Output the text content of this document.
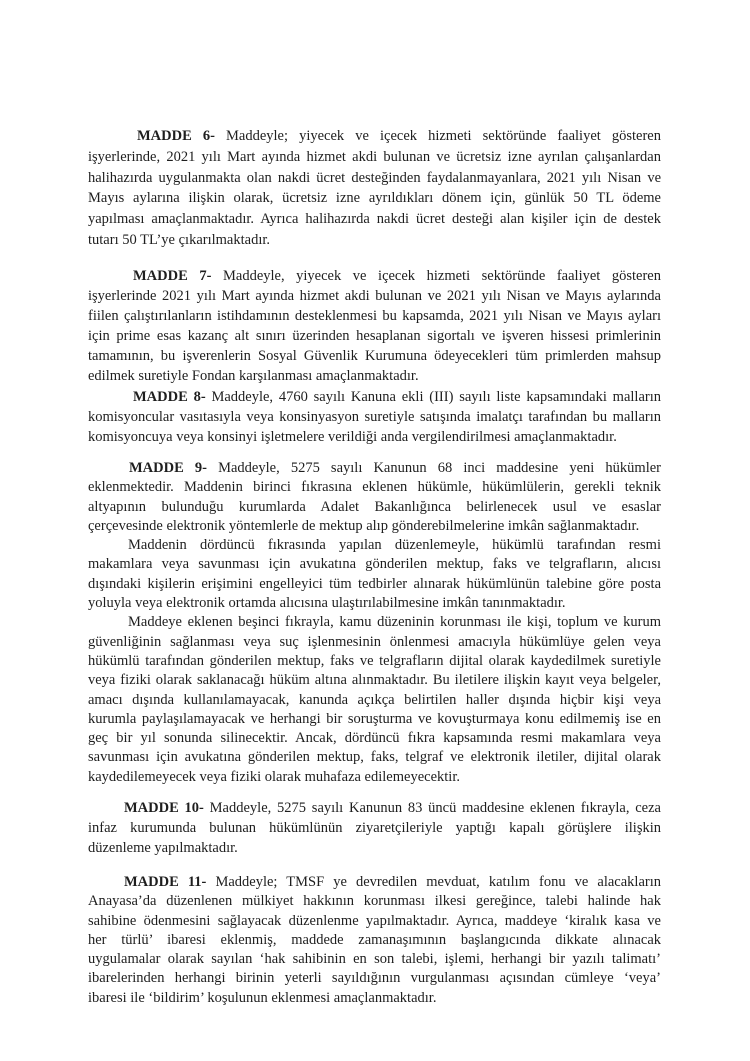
MADDE 6- Maddeyle; yiyecek ve içecek hizmeti sektöründe faaliyet gösteren
işyerlerinde, 2021 yılı Mart ayında hizmet akdi bulunan ve ücretsiz izne ayrılan çalışanlardan
halihazırda uygulanmakta olan nakdi ücret desteğinden faydalanmayanlara, 2021 yılı Nisan ve
Mayıs aylarına ilişkin olarak, ücretsiz izne ayrıldıkları dönem için, günlük 50 TL ödeme
yapılması amaçlanmaktadır. Ayrıca halihazırda nakdi ücret desteği alan kişiler için de destek
tutarı 50 TL’ye çıkarılmaktadır.
MADDE 7- Maddeyle, yiyecek ve içecek hizmeti sektöründe faaliyet gösteren
işyerlerinde 2021 yılı Mart ayında hizmet akdi bulunan ve 2021 yılı Nisan ve Mayıs aylarında
fiilen çalıştırılanların istihdamının desteklenmesi bu kapsamda, 2021 yılı Nisan ve Mayıs ayları
için prime esas kazanç alt sınırı üzerinden hesaplanan sigortalı ve işveren hissesi primlerinin
tamamının, bu işverenlerin Sosyal Güvenlik Kurumuna ödeyecekleri tüm primlerden mahsup
edilmek suretiyle Fondan karşılanması amaçlanmaktadır.
MADDE 8- Maddeyle, 4760 sayılı Kanuna ekli (III) sayılı liste kapsamındaki malların
komisyoncular vasıtasıyla veya konsinyasyon suretiyle satışında imalatçı tarafından bu malların
komisyoncuya veya konsinyi işletmelere verildiği anda vergilendirilmesi amaçlanmaktadır.
MADDE 9- Maddeyle, 5275 sayılı Kanunun 68 inci maddesine yeni hükümler
eklenmektedir. Maddenin birinci fıkrasına eklenen hükümle, hükümlülerin, gerekli teknik
altyapının bulunduğu kurumlarda Adalet Bakanlığınca belirlenecek usul ve esaslar
çerçevesinde elektronik yöntemlerle de mektup alıp gönderebilmelerine imkân sağlanmaktadır.
Maddenin dördüncü fıkrasında yapılan düzenlemeyle, hükümlü tarafından resmi
makamlara veya savunması için avukatına gönderilen mektup, faks ve telgrafların, alıcısı
dışındaki kişilerin erişimini engelleyici tüm tedbirler alınarak hükümlünün talebine göre posta
yoluyla veya elektronik ortamda alıcısına ulaştırılabilmesine imkân tanınmaktadır.
Maddeye eklenen beşinci fıkrayla, kamu düzeninin korunması ile kişi, toplum ve kurum
güvenliğinin sağlanması veya suç işlenmesinin önlenmesi amacıyla hükümlüye gelen veya
hükümlü tarafından gönderilen mektup, faks ve telgrafların dijital olarak kaydedilmek suretiyle
veya fiziki olarak saklanacağı hüküm altına alınmaktadır. Bu iletilere ilişkin kayıt veya belgeler,
amacı dışında kullanılamayacak, kanunda açıkça belirtilen haller dışında hiçbir kişi veya
kurumla paylaşılamayacak ve herhangi bir soruşturma ve kovuşturmaya konu edilmemiş ise en
geç bir yıl sonunda silinecektir. Ancak, dördüncü fıkra kapsamında resmi makamlara veya
savunması için avukatına gönderilen mektup, faks, telgraf ve elektronik iletiler, dijital olarak
kaydedilemeyecek veya fiziki olarak muhafaza edilemeyecektir.
MADDE 10- Maddeyle, 5275 sayılı Kanunun 83 üncü maddesine eklenen fıkrayla, ceza
infaz kurumunda bulunan hükümlünün ziyaretçileriyle yaptığı kapalı görüşlere ilişkin
düzenleme yapılmaktadır.
MADDE 11- Maddeyle; TMSF ye devredilen mevduat, katılım fonu ve alacakların
Anayasa’da düzenlenen mülkiyet hakkının korunması ilkesi gereğince, talebi halinde hak
sahibine ödenmesini sağlayacak düzenlenme yapılmaktadır. Ayrıca, maddeye ‘kiralık kasa ve
her türlü’ ibaresi eklenmiş, maddede zamanaşımının başlangıcında dikkate alınacak
uygulamalar olarak sayılan ‘hak sahibinin en son talebi, işlemi, herhangi bir yazılı talimatı’
ibarelerinden herhangi birinin yeterli sayıldığının vurgulanması açısından cümleye ‘veya’
ibaresi ile ‘bildirim’ koşulunun eklenmesi amaçlanmaktadır.
